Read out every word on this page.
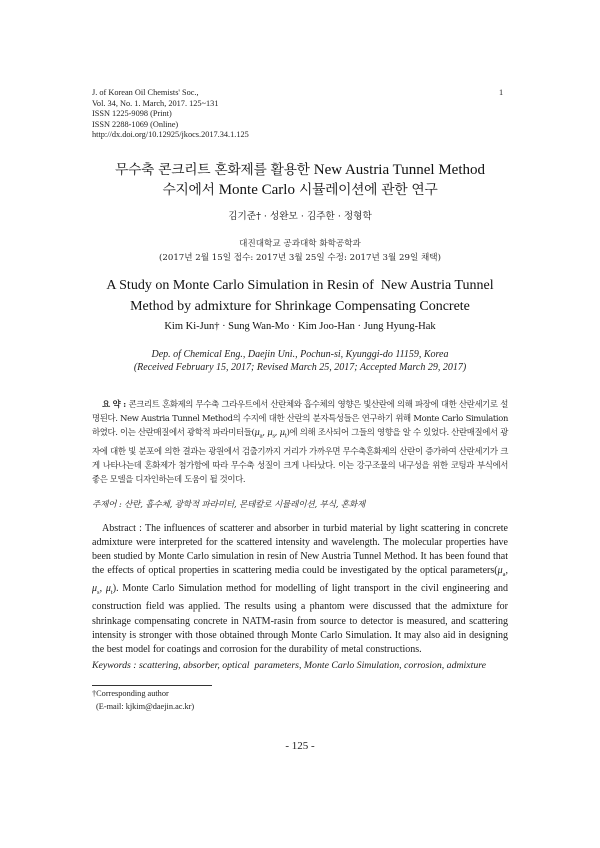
J. of Korean Oil Chemists' Soc.,
Vol. 34, No. 1. March, 2017. 125~131
ISSN 1225-9098 (Print)
ISSN 2288-1069 (Online)
http://dx.doi.org/10.12925/jkocs.2017.34.1.125
1
무수축 콘크리트 혼화제를 활용한 New Austria Tunnel Method
수지에서 Monte Carlo 시뮬레이션에 관한 연구
김기준† · 성완모 · 김주한 · 정형학
대진대학교 공과대학 화학공학과
(2017년 2월 15일 접수: 2017년 3월 25일 수정: 2017년 3월 29일 채택)
A Study on Monte Carlo Simulation in Resin of  New Austria Tunnel
Method by admixture for Shrinkage Compensating Concrete
Kim Ki-Jun† · Sung Wan-Mo · Kim Joo-Han · Jung Hyung-Hak
Dep. of Chemical Eng., Daejin Uni., Pochun-si, Kyunggi-do 11159, Korea
(Received February 15, 2017; Revised March 25, 2017; Accepted March 29, 2017)
요 약 : 콘크리트 혼화제의 무수축 그라우트에서 산란체와 흡수체의 영향은 빛산란에 의해 파장에 대한 산란세기로 설명된다. New Austria Tunnel Method의 수지에 대한 산란의 분자특성들은 연구하기 위해 Monte Carlo Simulation하였다. 이는 산란매질에서 광학적 파라미터들($\mu_a$, $\mu_s$, $\mu_t$)에 의해 조사되어 그들의 영향을 알 수 있었다. 산란매질에서 광자에 대한 빛 분포에 의한 결과는 광원에서 검출기까지 거리가 가까우면 무수축혼화제의 산란이 증가하여 산란세기가 크게 나타나는데 혼화제가 첨가함에 따라 무수축 성질이 크게 나타났다. 이는 강구조물의 내구성을 위한 코팅과 부식에서 좋은 모델을 디자인하는데 도움이 될 것이다.
주제어 : 산란, 흡수체, 광학적 파라미터, 몬테칼로 시뮬레이션, 부식, 혼화제
Abstract : The influences of scatterer and absorber in turbid material by light scattering in concrete admixture were interpreted for the scattered intensity and wavelength. The molecular properties have been studied by Monte Carlo simulation in resin of New Austria Tunnel Method. It has been found that the effects of optical properties in scattering media could be investigated by the optical $parameters(\mu_a$, $\mu_s$, $\mu_t$). Monte Carlo Simulation method for modelling of light transport in the civil engineering and construction field was applied. The results using a phantom were discussed that the admixture for shrinkage compensating concrete in NATM-rasin from source to detector is measured, and scattering intensity is stronger with those obtained through Monte Carlo Simulation. It may also aid in designing the best model for coatings and corrosion for the durability of metal constructions.
Keywords : scattering, absorber, optical  parameters, Monte Carlo Simulation, corrosion, admixture
†Corresponding author
(E-mail: kjkim@daejin.ac.kr)
- 125 -
